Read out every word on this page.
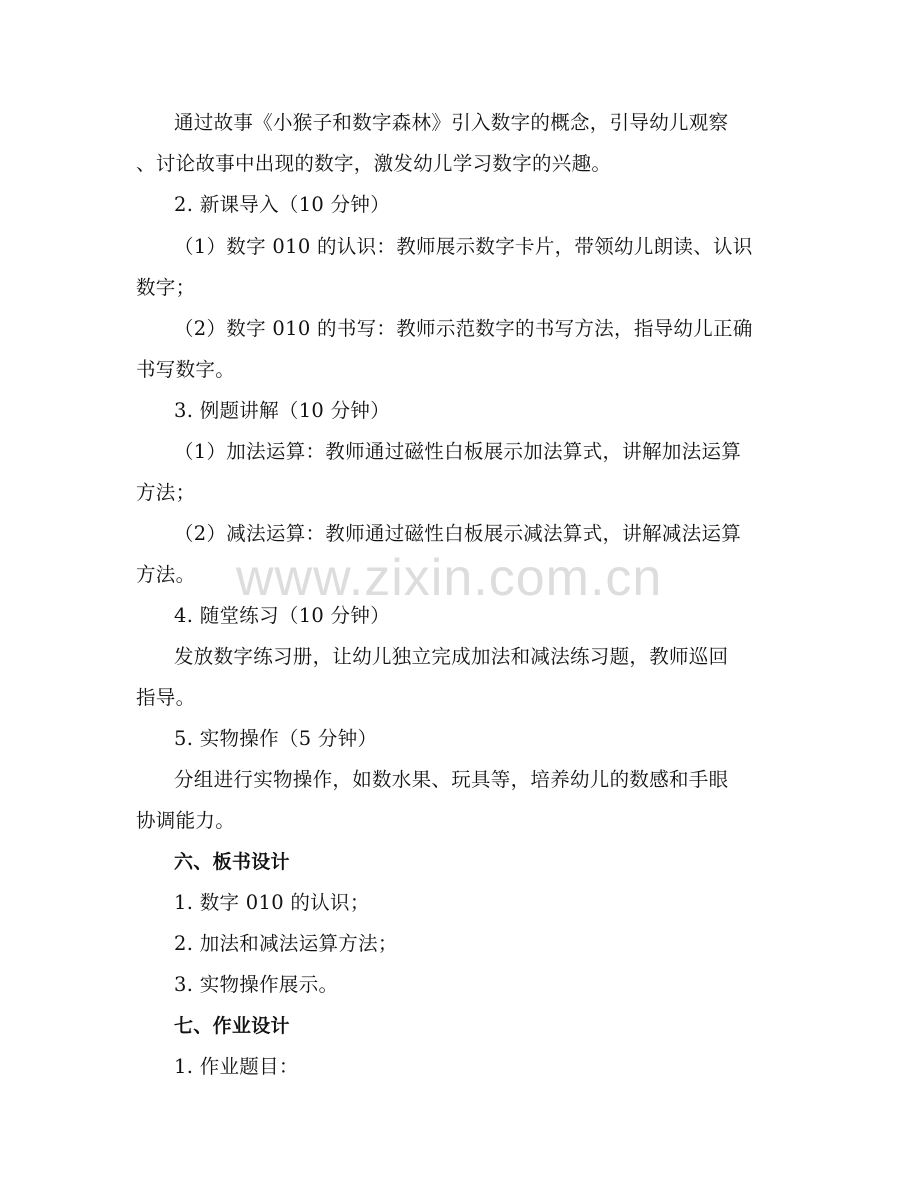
通过故事《小猴子和数字森林》引入数字的概念，引导幼儿观察
、讨论故事中出现的数字，激发幼儿学习数字的兴趣。
2. 新课导入（10 分钟）
（1）数字 010 的认识：教师展示数字卡片，带领幼儿朗读、认识
数字；
（2）数字 010 的书写：教师示范数字的书写方法，指导幼儿正确
书写数字。
3. 例题讲解（10 分钟）
（1）加法运算：教师通过磁性白板展示加法算式，讲解加法运算
方法；
（2）减法运算：教师通过磁性白板展示减法算式，讲解减法运算
方法。
4. 随堂练习（10 分钟）
发放数字练习册，让幼儿独立完成加法和减法练习题，教师巡回
指导。
5. 实物操作（5 分钟）
分组进行实物操作，如数水果、玩具等，培养幼儿的数感和手眼
协调能力。
六、板书设计
1. 数字 010 的认识；
2. 加法和减法运算方法；
3. 实物操作展示。
七、作业设计
1. 作业题目：
www.zixin.com.cn
